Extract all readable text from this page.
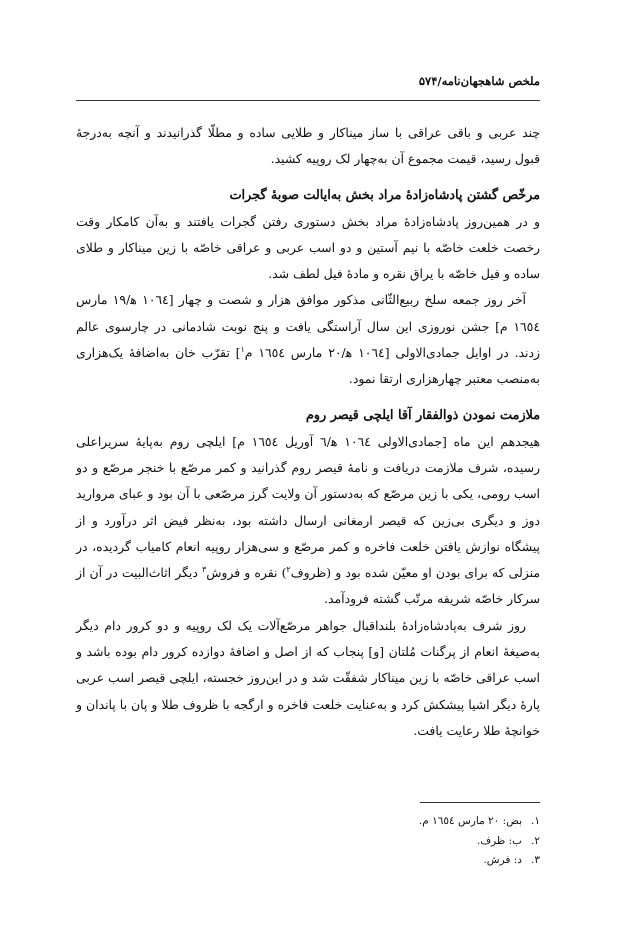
ملخص شاهجهان‌نامه/۵۷۴

چند عربی و باقی عراقی با ساز میناکار و طلایی ساده و مطلّا گذرانیدند و آنچه به‌درجهٔ قبول رسید، قیمت مجموع آن به‌چهار لک روپیه کشید.

مرخّص گشتن پادشاه‌زادهٔ مراد بخش به‌ایالت صوبهٔ گجرات

و در همین‌روز پادشاه‌زادهٔ مراد بخش دستوری رفتن گجرات یافتند و به‌آن کامکار وقت رخصت خلعت خاصّه با نیم آستین و دو اسب عربی و عراقی خاصّه با زین میناکار و طلای ساده و فیل خاصّه با یراق نقره و مادهٔ فیل لطف شد.

آخر روز جمعه سلخ ربیع‌الثّانی مذکور موافق هزار و شصت و چهار [١٠٦٤ ه‍/١٩ مارس ١٦٥٤ م] جشن نوروزی این سال آراستگی یافت و پنج نوبت شادمانی در چارسوی عالم زدند. در اوایل جمادی‌الاولی [١٠٦٤ ه‍/٢٠ مارس ١٦٥٤ م$^١$] تقرّب خان به‌اضافهٔ یک‌هزاری به‌منصب معتبر چهارهزاری ارتقا نمود.

ملازمت نمودن ذوالفقار آقا ایلچی قیصر روم

هیجدهم این ماه [جمادی‌الاولی ١٠٦٤ ه‍/٦ آوریل ١٦٥٤ م] ایلچی روم به‌پایهٔ سریراعلی رسیده، شرف ملازمت دریافت و نامهٔ قیصر روم گذرانید و کمر مرصّع با خنجر مرصّع و دو اسب رومی، یکی با زین مرصّع که به‌دستور آن ولایت گرز مرصّعی با آن بود و عبای مروارید دوز و دیگری بی‌زین که قیصر ارمغانی ارسال داشته بود، به‌نظر فیض اثر درآورد و از پیشگاه نوازش یافتن خلعت فاخره و کمر مرصّع و سی‌هزار روپیه انعام کامیاب گردیده، در منزلی که برای بودن او معیّن شده بود و (ظروف$^٢$) نقره و فروش$^٣$ دیگر اثاث‌البیت در آن از سرکار خاصّه شریفه مرتّب گشته فرودآمد.

روز شرف به‌پادشاه‌زادهٔ بلنداقبال جواهر مرصّع‌آلات یک لک روپیه و دو کرور دام دیگر به‌صیغهٔ انعام از پرگنات مُلتان [و] پنجاب که از اصل و اضافهٔ دوازده کرور دام بوده باشد و اسب عراقی خاصّه با زین میناکار شفقّت شد و در این‌روز خجسته، ایلچی قیصر اسب عربی پارهٔ دیگر اشیا پیشکش کرد و به‌عنایت خلعت فاخره و ارگجه با ظروف طلا و پان با پاندان و خوانچهٔ طلا رعایت یافت.

١.
بض: ٢٠ مارس ١٦٥٤ م.
٢.
ب: ظرف.
٣.
د: فرش.
